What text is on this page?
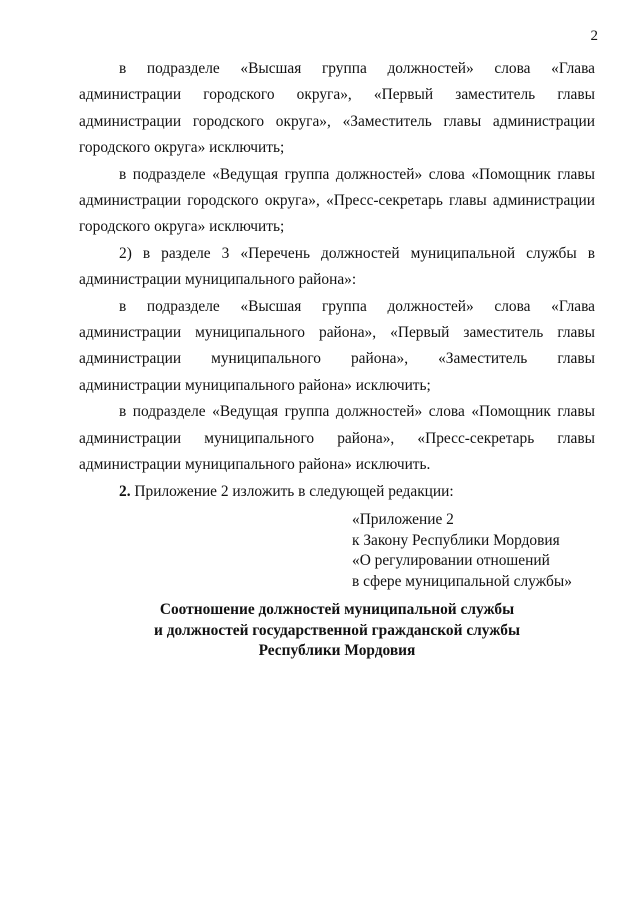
2

в подразделе «Высшая группа должностей» слова «Глава администрации городского округа», «Первый заместитель главы администрации городского округа», «Заместитель главы администрации городского округа» исключить;

в подразделе «Ведущая группа должностей» слова «Помощник главы администрации городского округа», «Пресс-секретарь главы администрации городского округа» исключить;

2) в разделе 3 «Перечень должностей муниципальной службы в администрации муниципального района»:

в подразделе «Высшая группа должностей» слова «Глава администрации муниципального района», «Первый заместитель главы администрации муниципального района», «Заместитель главы администрации муниципального района» исключить;

в подразделе «Ведущая группа должностей» слова «Помощник главы администрации муниципального района», «Пресс-секретарь главы администрации муниципального района» исключить.

2. Приложение 2 изложить в следующей редакции:

«Приложение 2
к Закону Республики Мордовия
«О регулировании отношений
в сфере муниципальной службы»
Соотношение должностей муниципальной службы
и должностей государственной гражданской службы
Республики Мордовия
